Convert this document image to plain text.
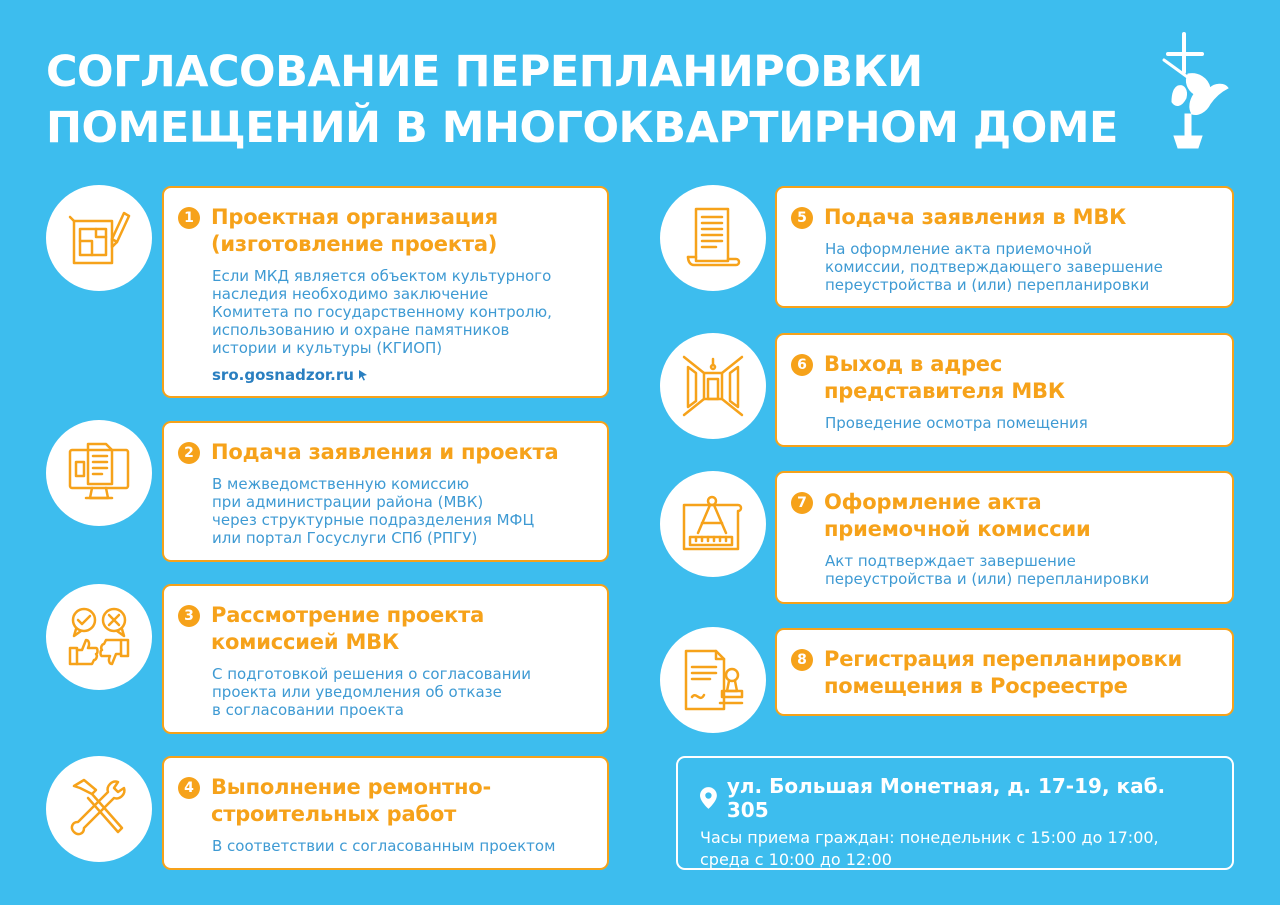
СОГЛАСОВАНИЕ ПЕРЕПЛАНИРОВКИ
ПОМЕЩЕНИЙ В МНОГОКВАРТИРНОМ ДОМЕ
1 Проектная организация
(изготовление проекта)
Если МКД является объектом культурного
наследия необходимо заключение
Комитета по государственному контролю,
использованию и охране памятников
истории и культуры (КГИОП)
sro.gosnadzor.ru
2 Подача заявления и проекта
В межведомственную комиссию
при администрации района (МВК)
через структурные подразделения МФЦ
или портал Госуслуги СПб (РПГУ)
3 Рассмотрение проекта
комиссией МВК
С подготовкой решения о согласовании
проекта или уведомления об отказе
в согласовании проекта
4 Выполнение ремонтно-
строительных работ
В соответствии с согласованным проектом
5 Подача заявления в МВК
На оформление акта приемочной
комиссии, подтверждающего завершение
переустройства и (или) перепланировки
6 Выход в адрес
представителя МВК
Проведение осмотра помещения
7 Оформление акта
приемочной комиссии
Акт подтверждает завершение
переустройства и (или) перепланировки
8 Регистрация перепланировки
помещения в Росреестре
ул. Большая Монетная, д. 17-19, каб. 305
Часы приема граждан: понедельник с 15:00 до 17:00,
среда с 10:00 до 12:00
